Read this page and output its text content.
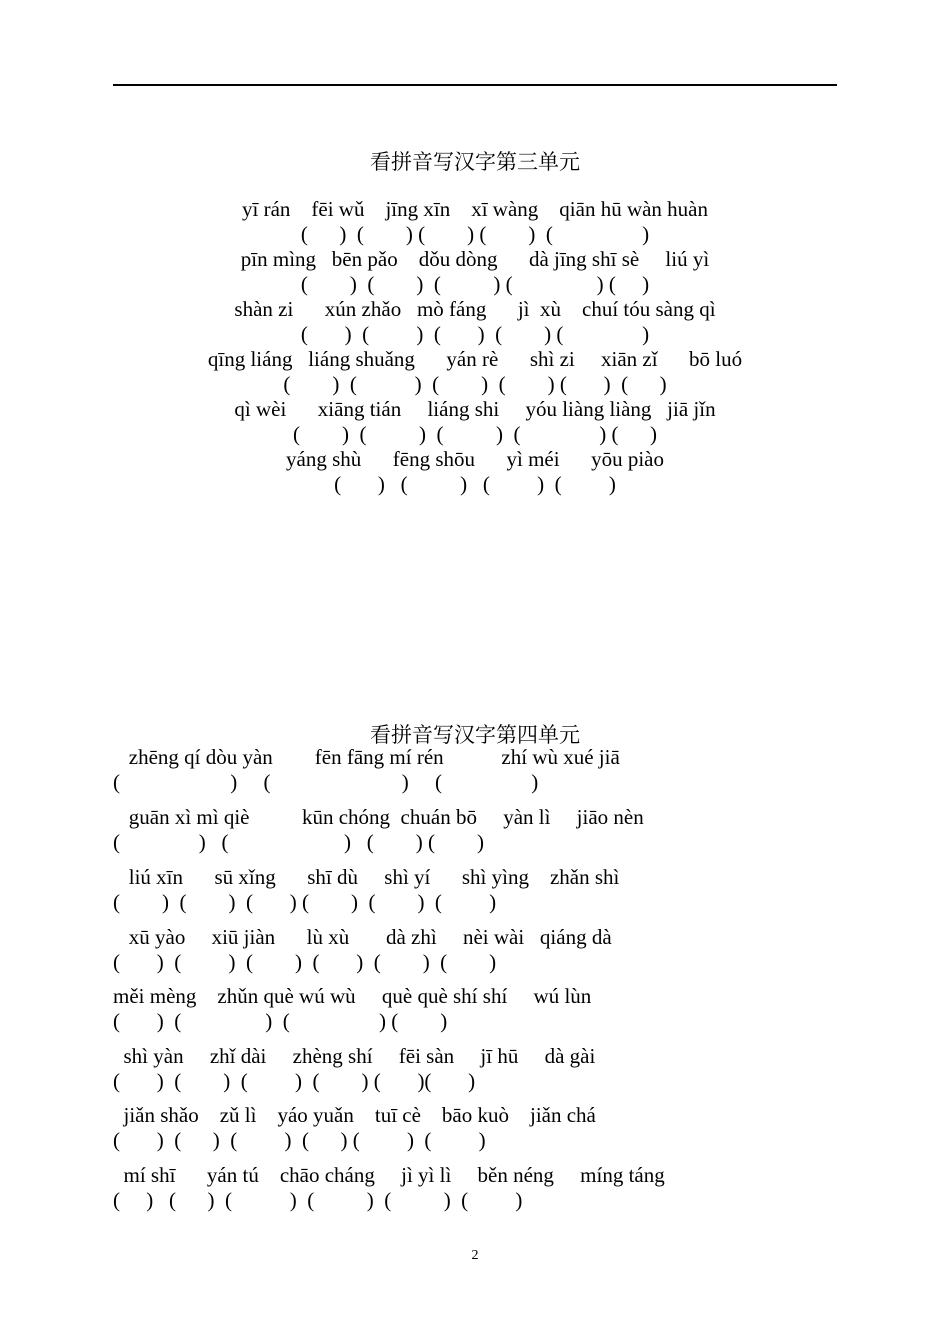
看拼音写汉字第三单元
yī rán    fēi wǔ    jīng xīn    xī wàng    qiān hū wàn huàn
(      )  (        ) (        ) (        )  (                 )
pīn mìng   bēn pǎo    dǒu dòng      dà jīng shī sè     liú yì
(        )  (        )  (          ) (                ) (     )
shàn zi      xún zhǎo   mò fáng      jì  xù    chuí tóu sàng qì
(       )  (         )  (       )  (        ) (               )
qīng liáng   liáng shuǎng      yán rè      shì zi     xiān zǐ      bō luó
(        )  (           )  (        )  (        ) (       )  (      )
qì wèi      xiāng tián     liáng shi     yóu liàng liàng   jiā jǐn
(        )  (          )  (          )  (               ) (      )
yáng shù      fēng shōu      yì méi      yōu piào
(       )   (          )   (         )  (         )
看拼音写汉字第四单元
zhēng qí dòu yàn        fēn fāng mí rén           zhí wù xué jiā
(                     )     (                         )     (                 )
guān xì mì qiè          kūn chóng  chuán bō     yàn lì     jiāo nèn
(               )   (                      )   (        ) (        )
liú xīn      sū xǐng      shī dù     shì yí      shì yìng    zhǎn shì
(        )  (        )  (       ) (        )  (        )  (         )
xū yào     xiū jiàn      lù xù       dà zhì     nèi wài   qiáng dà
(       )  (         )  (        )  (       )  (        )  (        )
měi mèng    zhǔn què wú wù     què què shí shí     wú lùn
(       )  (                )  (                 ) (        )
shì yàn     zhǐ dài     zhèng shí     fēi sàn     jī hū     dà gài
(       )  (        )  (         )  (        ) (       )(       )
jiǎn shǎo    zǔ lì    yáo yuǎn    tuī cè    bāo kuò    jiǎn chá
(       )  (      )  (         )  (      ) (         )  (         )
mí shī      yán tú    chāo cháng     jì yì lì     běn néng     míng táng
(     )   (      )  (           )  (          )  (          )  (         )
2
